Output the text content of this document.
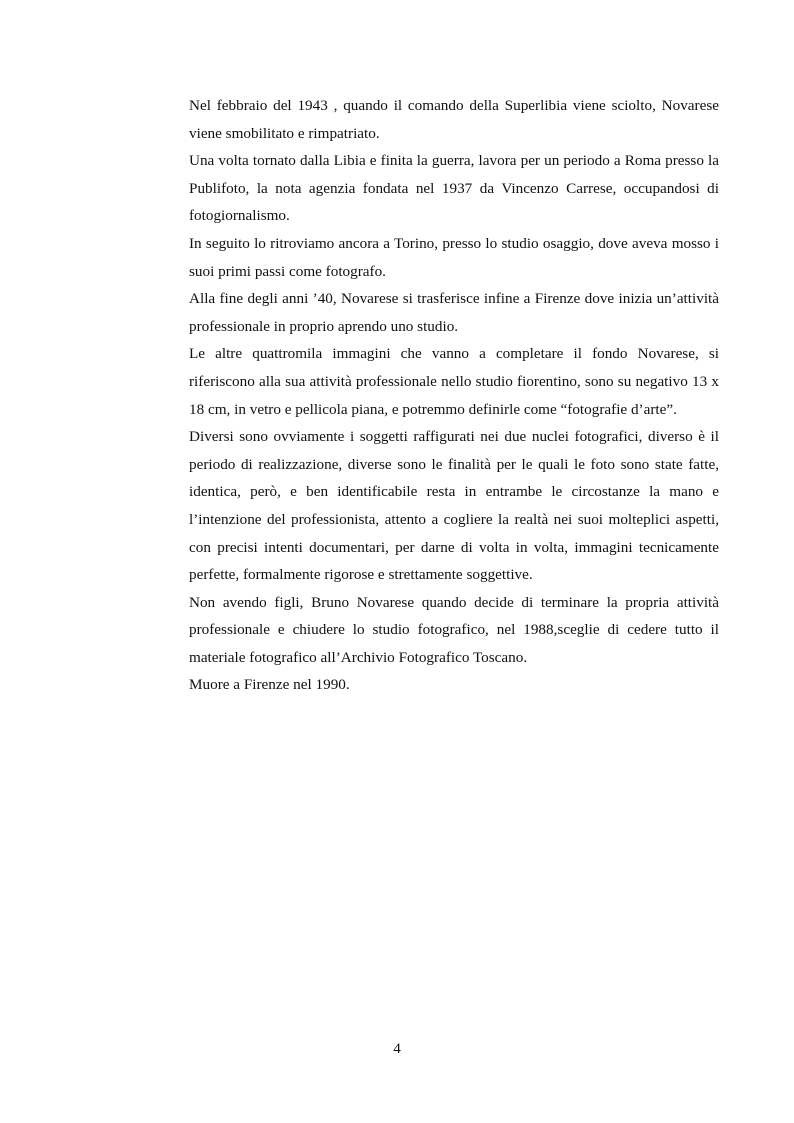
Nel febbraio del 1943 , quando il comando della Superlibia viene sciolto, Novarese viene smobilitato e rimpatriato.

Una volta tornato dalla Libia e finita la guerra, lavora per un periodo a Roma presso la Publifoto, la nota agenzia fondata nel 1937 da Vincenzo Carrese, occupandosi di fotogiornalismo.

In seguito lo ritroviamo ancora a Torino, presso lo studio osaggio, dove aveva mosso i suoi primi passi come fotografo.

Alla fine degli anni ’40, Novarese si trasferisce infine a Firenze dove inizia un’attività professionale in proprio aprendo uno studio.

Le altre quattromila immagini che vanno a completare il fondo Novarese, si riferiscono alla sua attività professionale nello studio fiorentino, sono su negativo 13 x 18 cm, in vetro e pellicola piana, e potremmo definirle come “fotografie d’arte”.

Diversi sono ovviamente i soggetti raffigurati nei due nuclei fotografici, diverso è il periodo di realizzazione, diverse sono le finalità per le quali le foto sono state fatte, identica, però, e ben identificabile resta in entrambe le circostanze la mano e l’intenzione del professionista, attento a cogliere la realtà nei suoi molteplici aspetti, con precisi intenti documentari, per darne di volta in volta, immagini tecnicamente perfette, formalmente rigorose e strettamente soggettive.

Non avendo figli, Bruno Novarese quando decide di terminare la propria attività professionale e chiudere lo studio fotografico, nel 1988,sceglie di cedere tutto il materiale fotografico all’Archivio Fotografico Toscano.

Muore a Firenze nel 1990.

4
